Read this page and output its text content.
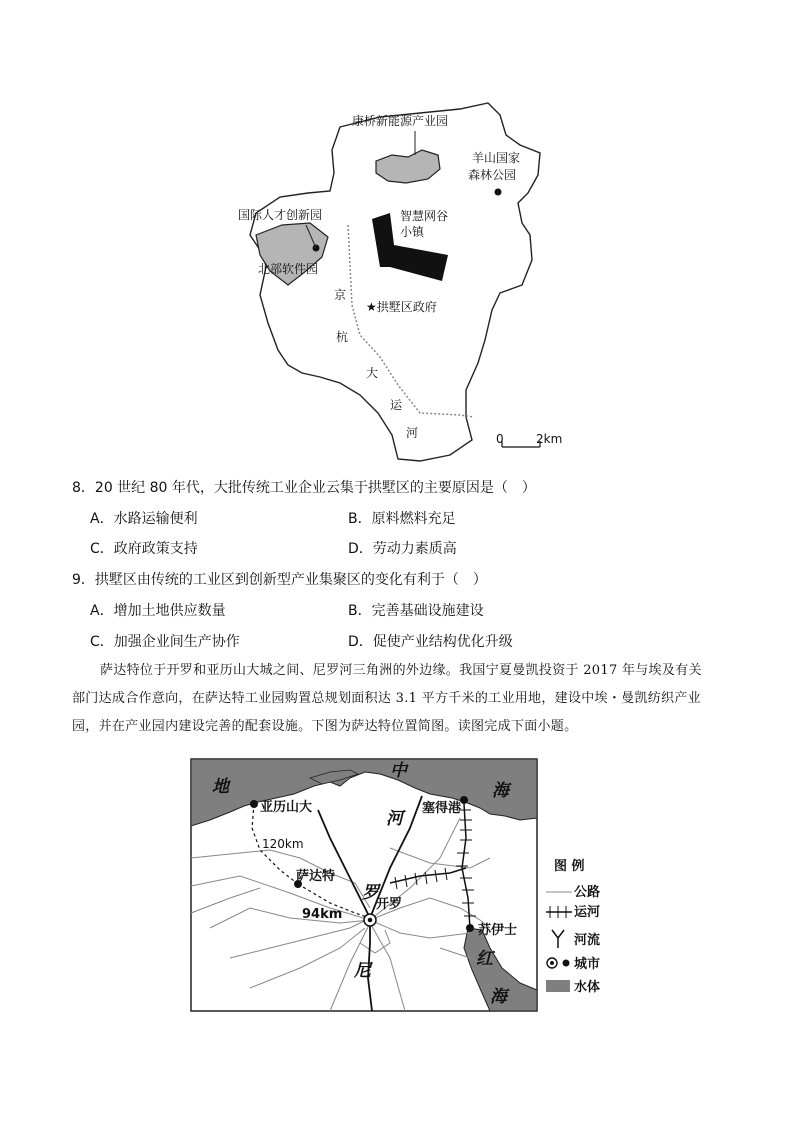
康桥新能源产业园
羊山国家
森林公园
国际人才创新园	智慧网谷
小镇
北部软件园
★拱墅区政府
京
杭
大
运
河	0	2km
8．20 世纪 80 年代，大批传统工业企业云集于拱墅区的主要原因是（　）
A．水路运输便利	B．原料燃料充足
C．政府政策支持	D．劳动力素质高
9．拱墅区由传统的工业区到创新型产业集聚区的变化有利于（　）
A．增加土地供应数量	B．完善基础设施建设
C．加强企业间生产协作	D．促使产业结构优化升级
萨达特位于开罗和亚历山大城之间、尼罗河三角洲的外边缘。我国宁夏曼凯投资于 2017 年与埃及有关
部门达成合作意向，在萨达特工业园购置总规划面积达 3.1 平方千米的工业用地，建设中埃・曼凯纺织产业
园，并在产业园内建设完善的配套设施。下图为萨达特位置简图。读图完成下面小题。
地
中
海
红
海
亚历山大
120km
萨达特
94km
塞得港
河
罗
开罗
尼
苏伊士
图 例
公路
运河
河流
城市
水体
